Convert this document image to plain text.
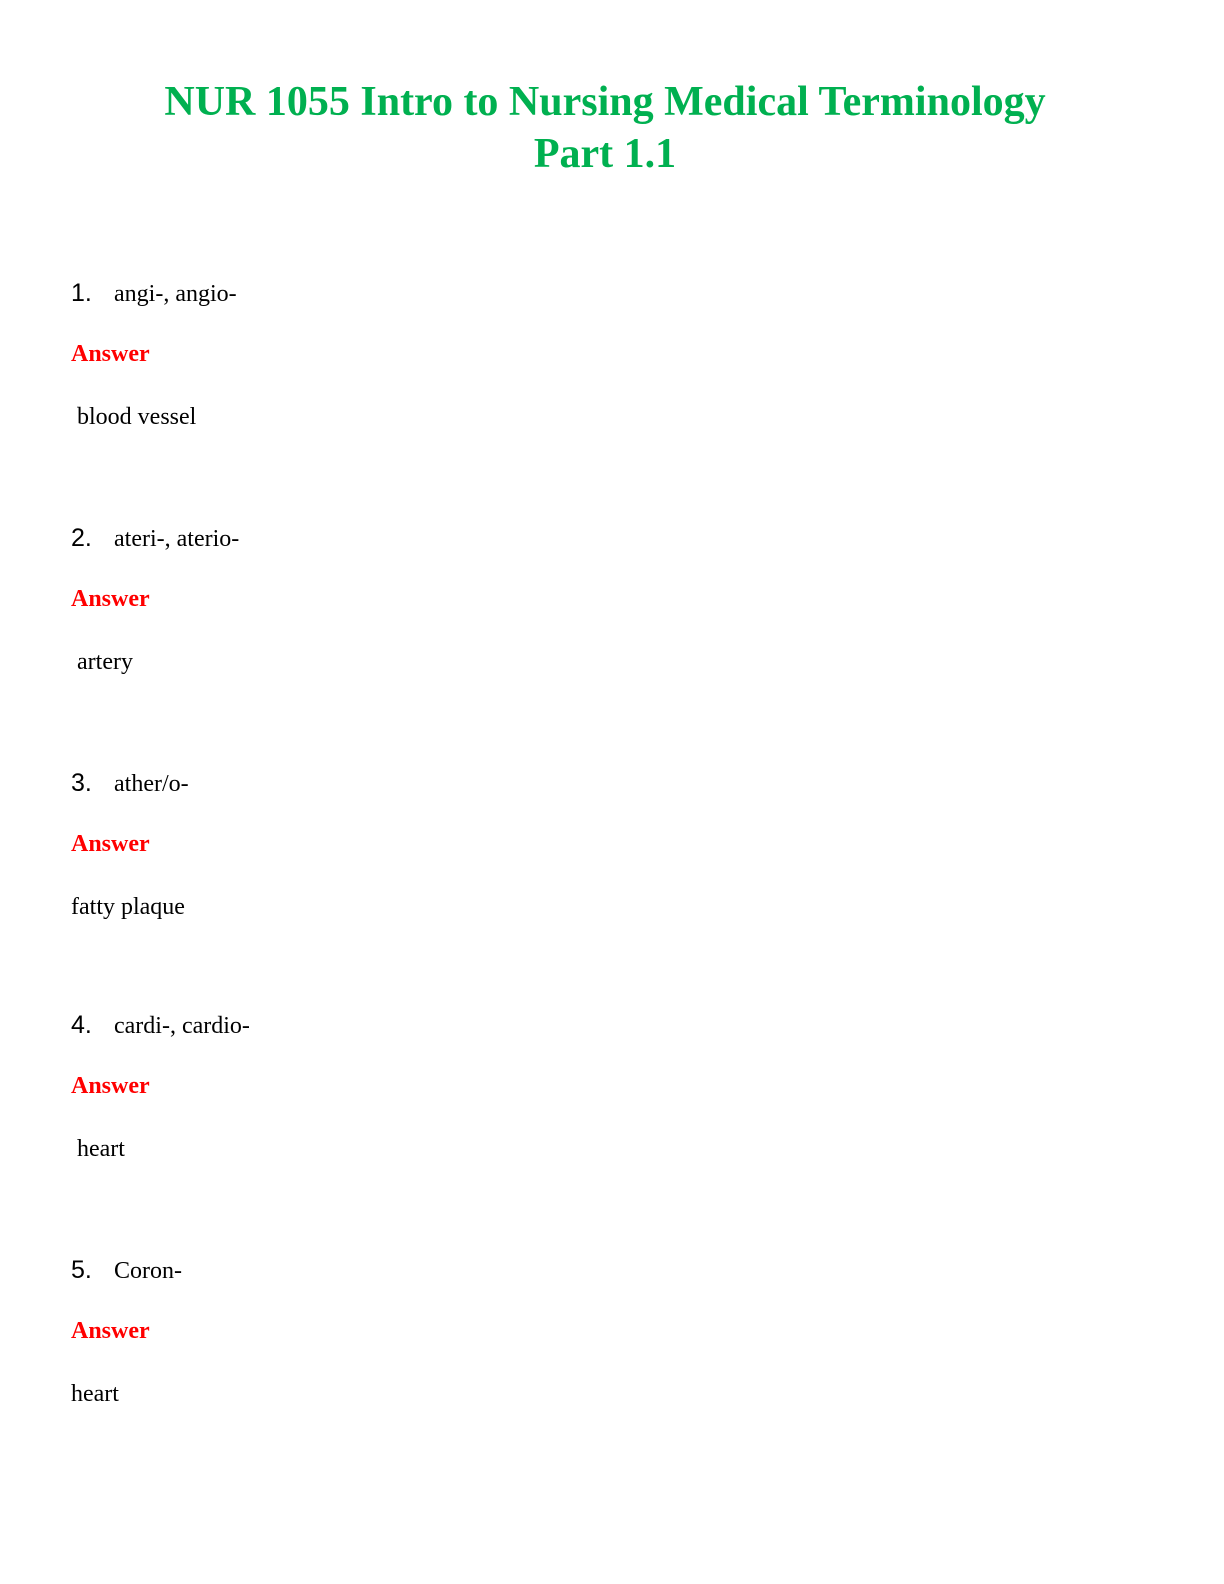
NUR 1055 Intro to Nursing Medical Terminology
Part 1.1
1. angi-, angio-
Answer
blood vessel
2. ateri-, aterio-
Answer
artery
3. ather/o-
Answer
fatty plaque
4. cardi-, cardio-
Answer
heart
5. Coron-
Answer
heart
